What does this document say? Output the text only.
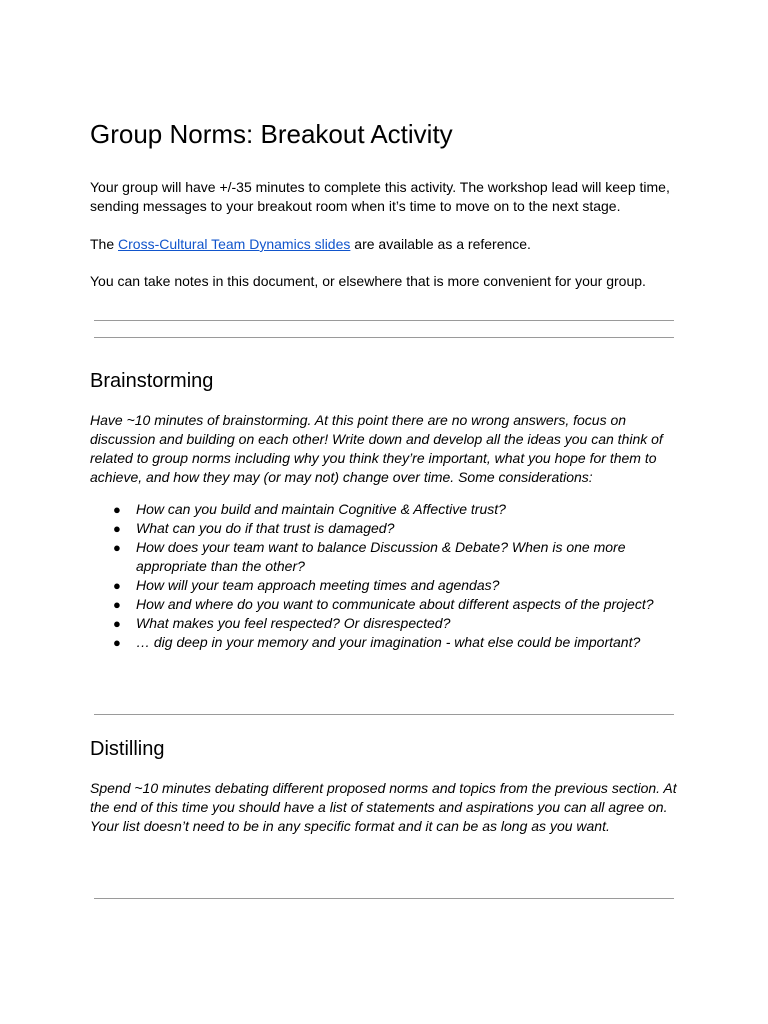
Group Norms: Breakout Activity

Your group will have +/-35 minutes to complete this activity. The workshop lead will keep time, sending messages to your breakout room when it’s time to move on to the next stage.

The Cross-Cultural Team Dynamics slides are available as a reference.

You can take notes in this document, or elsewhere that is more convenient for your group.

Brainstorming

Have ~10 minutes of brainstorming. At this point there are no wrong answers, focus on discussion and building on each other! Write down and develop all the ideas you can think of related to group norms including why you think they’re important, what you hope for them to achieve, and how they may (or may not) change over time. Some considerations:

● How can you build and maintain Cognitive & Affective trust?
● What can you do if that trust is damaged?
● How does your team want to balance Discussion & Debate? When is one more appropriate than the other?
● How will your team approach meeting times and agendas?
● How and where do you want to communicate about different aspects of the project?
● What makes you feel respected? Or disrespected?
● … dig deep in your memory and your imagination - what else could be important?
Distilling

Spend ~10 minutes debating different proposed norms and topics from the previous section. At the end of this time you should have a list of statements and aspirations you can all agree on. Your list doesn’t need to be in any specific format and it can be as long as you want.
